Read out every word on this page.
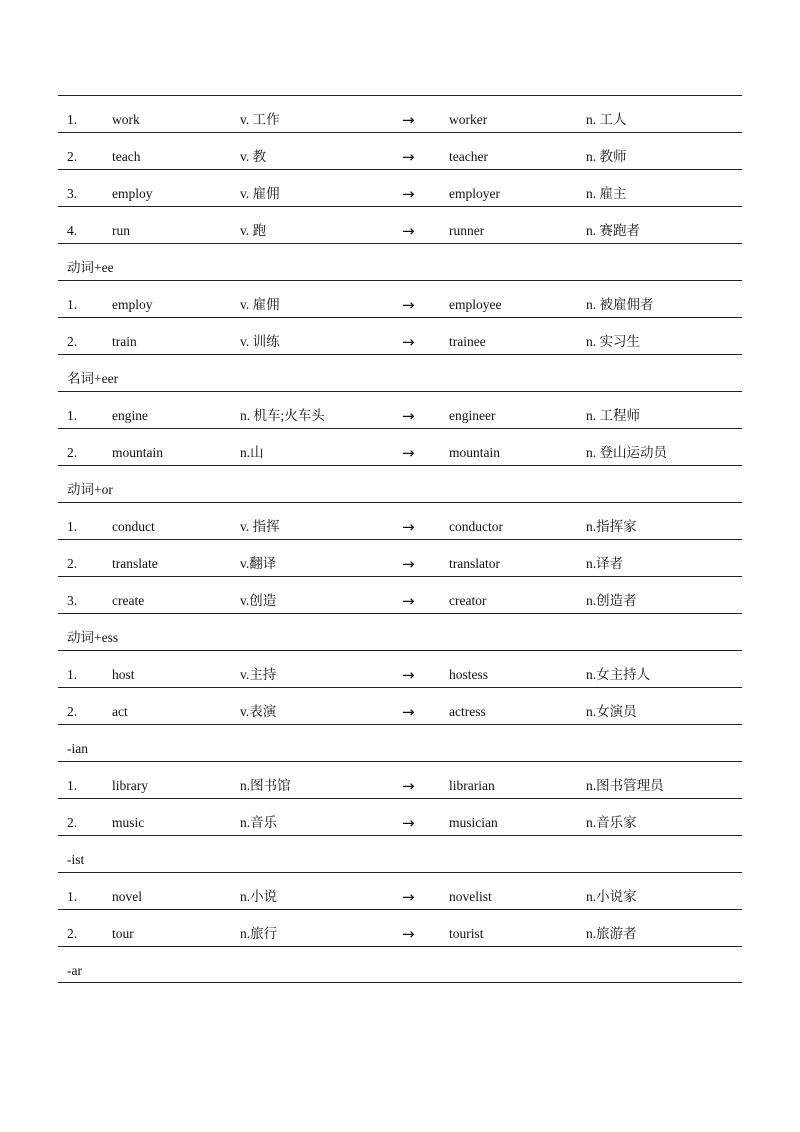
1.	work	v. 工作	→	worker	n. 工人
2.	teach	v. 教	→	teacher	n. 教师
3.	employ	v. 雇佣	→	employer	n. 雇主
4.	run	v. 跑	→	runner	n. 赛跑者
动词+ee
1.	employ	v. 雇佣	→	employee	n. 被雇佣者
2.	train	v. 训练	→	trainee	n. 实习生
名词+eer
1.	engine	n. 机车;火车头	→	engineer	n. 工程师
2.	mountain	n.山	→	mountain	n. 登山运动员
动词+or
1.	conduct	v. 指挥	→	conductor	n.指挥家
2.	translate	v.翻译	→	translator	n.译者
3.	create	v.创造	→	creator	n.创造者
动词+ess
1.	host	v.主持	→	hostess	n.女主持人
2.	act	v.表演	→	actress	n.女演员
-ian
1.	library	n.图书馆	→	librarian	n.图书管理员
2.	music	n.音乐	→	musician	n.音乐家
-ist
1.	novel	n.小说	→	novelist	n.小说家
2.	tour	n.旅行	→	tourist	n.旅游者
-ar
